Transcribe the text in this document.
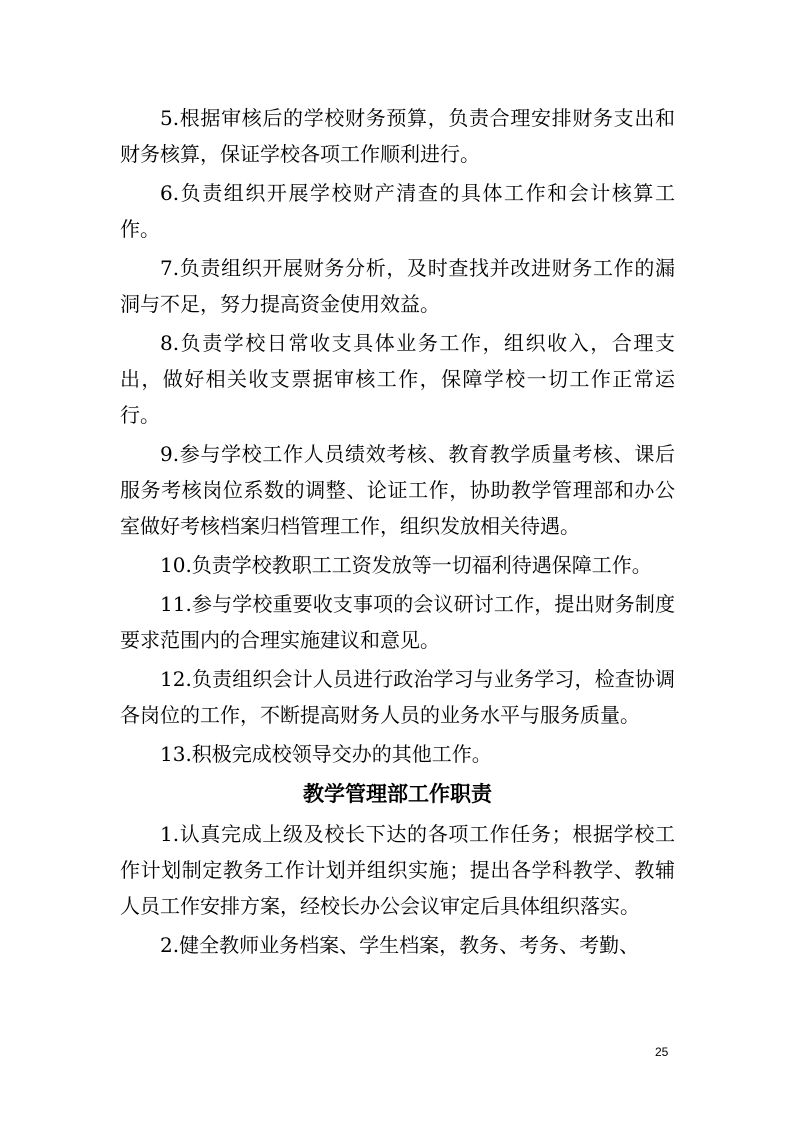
5.根据审核后的学校财务预算，负责合理安排财务支出和财务核算，保证学校各项工作顺利进行。

6.负责组织开展学校财产清查的具体工作和会计核算工作。

7.负责组织开展财务分析，及时查找并改进财务工作的漏洞与不足，努力提高资金使用效益。

8.负责学校日常收支具体业务工作，组织收入，合理支出，做好相关收支票据审核工作，保障学校一切工作正常运行。

9.参与学校工作人员绩效考核、教育教学质量考核、课后服务考核岗位系数的调整、论证工作，协助教学管理部和办公室做好考核档案归档管理工作，组织发放相关待遇。

10.负责学校教职工工资发放等一切福利待遇保障工作。

11.参与学校重要收支事项的会议研讨工作，提出财务制度要求范围内的合理实施建议和意见。

12.负责组织会计人员进行政治学习与业务学习，检查协调各岗位的工作，不断提高财务人员的业务水平与服务质量。

13.积极完成校领导交办的其他工作。

教学管理部工作职责

1.认真完成上级及校长下达的各项工作任务；根据学校工作计划制定教务工作计划并组织实施；提出各学科教学、教辅人员工作安排方案，经校长办公会议审定后具体组织落实。

2.健全教师业务档案、学生档案，教务、考务、考勤、

25
